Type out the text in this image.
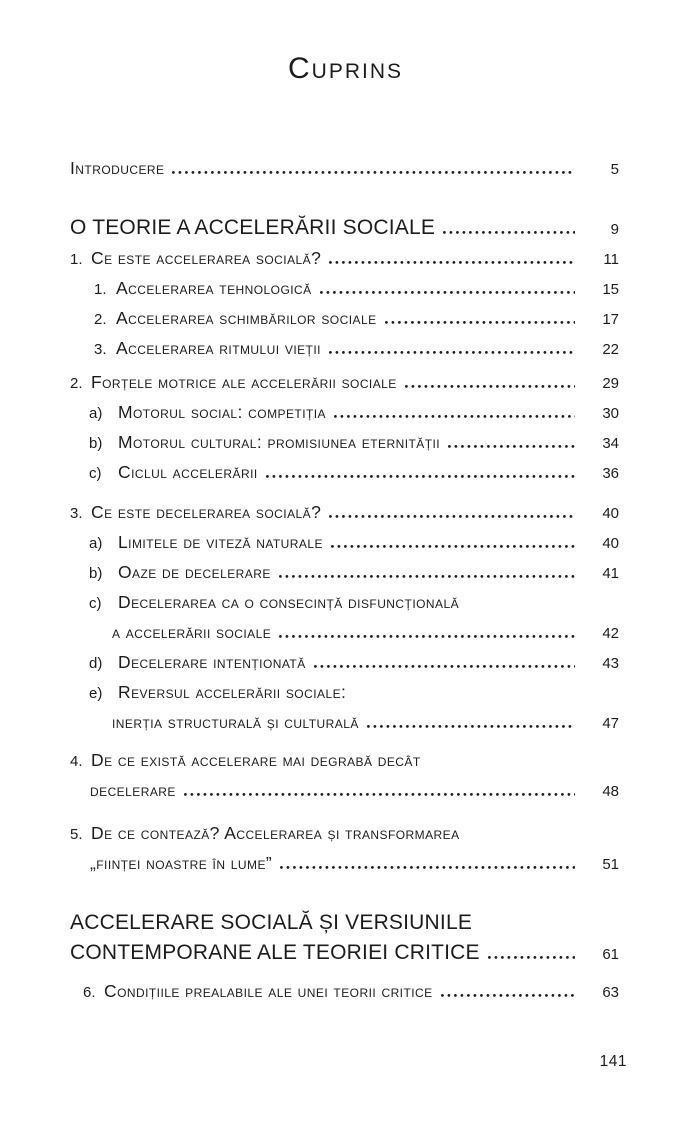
Cuprins
Introducere	5
O TEORIE A ACCELERĂRII SOCIALE	9
1. Ce este accelerarea socială?	11
1. Accelerarea tehnologică	15
2. Accelerarea schimbărilor sociale	17
3. Accelerarea ritmului vieții	22
2. Forțele motrice ale accelerării sociale	29
a) Motorul social: competiția	30
b) Motorul cultural: promisiunea eternității	34
c) Ciclul accelerării	36
3. Ce este decelerarea socială?	40
a) Limitele de viteză naturale	40
b) Oaze de decelerare	41
c) Decelerarea ca o consecință disfuncțională
a accelerării sociale	42
d) Decelerare intenționată	43
e) Reversul accelerării sociale:
inerția structurală și culturală	47
4. De ce există accelerare mai degrabă decât
decelerare	48
5. De ce contează? Accelerarea și transformarea
„ființei noastre în lume”	51
ACCELERARE SOCIALĂ ȘI VERSIUNILE
CONTEMPORANE ALE TEORIEI CRITICE	61
6. Condițiile prealabile ale unei teorii critice	63
141
